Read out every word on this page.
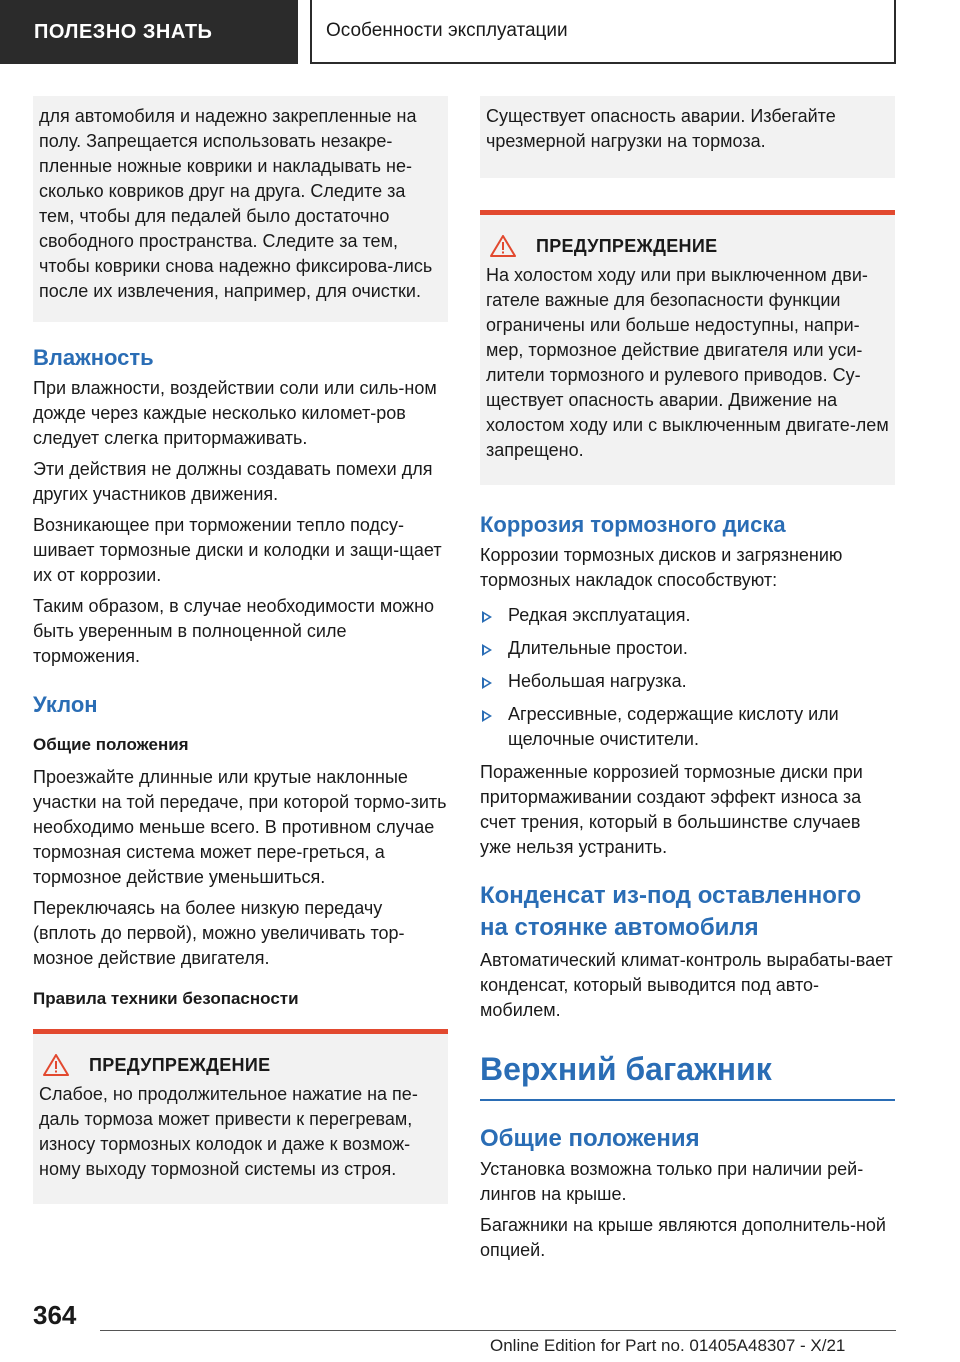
ПОЛЕЗНО ЗНАТЬ	Особенности эксплуатации

для автомобиля и надежно закрепленные на полу. Запрещается использовать незакре-пленные ножные коврики и накладывать не-сколько ковриков друг на друга. Следите за тем, чтобы для педалей было достаточно свободного пространства. Следите за тем, чтобы коврики снова надежно фиксирова-лись после их извлечения, например, для очистки.

Влажность

При влажности, воздействии соли или силь-ном дожде через каждые несколько километ-ров следует слегка притормаживать.

Эти действия не должны создавать помехи для других участников движения.

Возникающее при торможении тепло подсу-шивает тормозные диски и колодки и защи-щает их от коррозии.

Таким образом, в случае необходимости можно быть уверенным в полноценной силе торможения.

Уклон
Общие положения

Проезжайте длинные или крутые наклонные участки на той передаче, при которой тормо-зить необходимо меньше всего. В противном случае тормозная система может пере-греться, а тормозное действие уменьшиться.

Переключаясь на более низкую передачу (вплоть до первой), можно увеличивать тор-мозное действие двигателя.

Правила техники безопасности
ПРЕДУПРЕЖДЕНИЕ

Слабое, но продолжительное нажатие на пе-даль тормоза может привести к перегревам, износу тормозных колодок и даже к возмож-ному выходу тормозной системы из строя.

Существует опасность аварии. Избегайте чрезмерной нагрузки на тормоза.

ПРЕДУПРЕЖДЕНИЕ

На холостом ходу или при выключенном дви-гателе важные для безопасности функции ограничены или больше недоступны, напри-мер, тормозное действие двигателя или уси-лители тормозного и рулевого приводов. Су-ществует опасность аварии. Движение на холостом ходу или с выключенным двигате-лем запрещено.

Коррозия тормозного диска

Коррозии тормозных дисков и загрязнению тормозных накладок способствуют:

Редкая эксплуатация.
Длительные простои.
Небольшая нагрузка.
Агрессивные, содержащие кислоту или щелочные очистители.

Пораженные коррозией тормозные диски при притормаживании создают эффект износа за счет трения, который в большинстве случаев уже нельзя устранить.

Конденсат из-под оставленного на стоянке автомобиля

Автоматический климат-контроль вырабаты-вает конденсат, который выводится под авто-мобилем.

Верхний багажник
Общие положения

Установка возможна только при наличии рей-лингов на крыше.

Багажники на крыше являются дополнитель-ной опцией.

364
Online Edition for Part no. 01405A48307 - X/21
